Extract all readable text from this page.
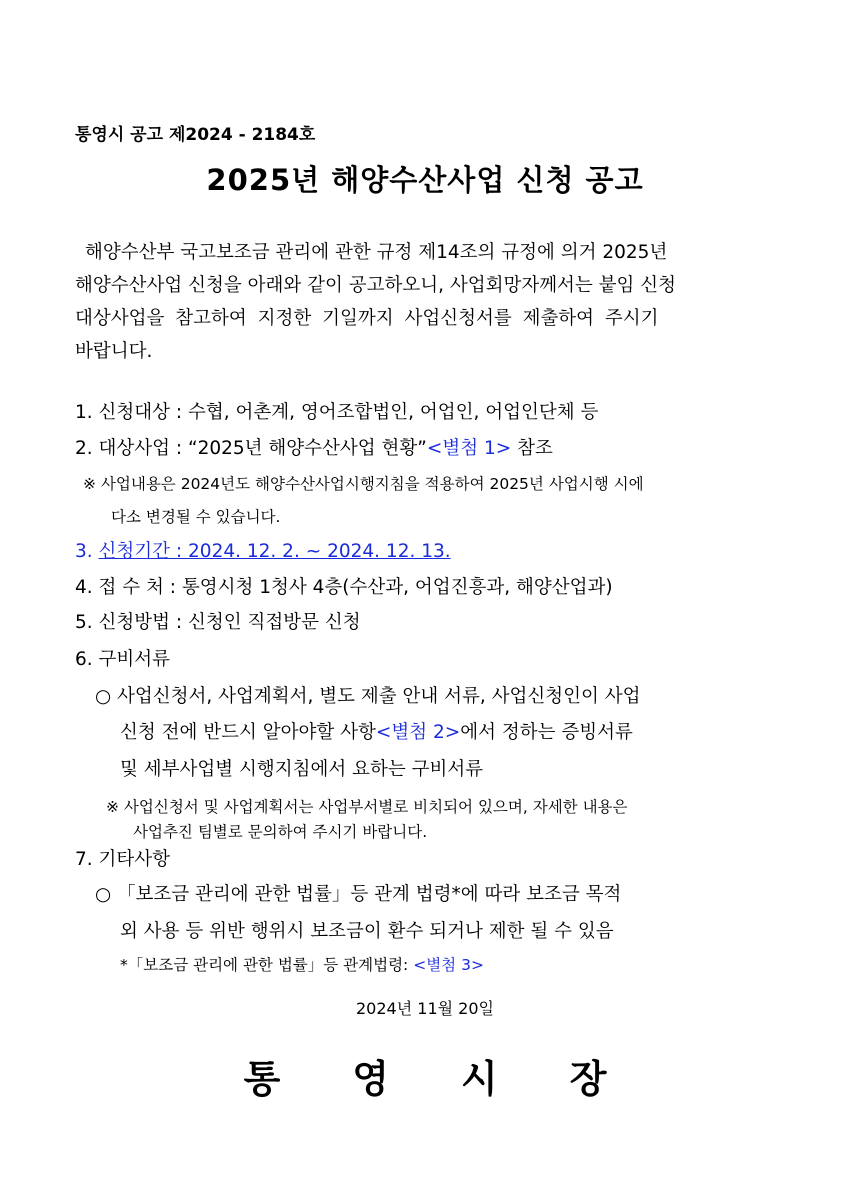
통영시 공고 제2024 - 2184호
2025년 해양수산사업 신청 공고
해양수산부 국고보조금 관리에 관한 규정 제14조의 규정에 의거 2025년
해양수산사업 신청을 아래와 같이 공고하오니, 사업회망자께서는 붙임 신청
대상사업을 참고하여 지정한 기일까지 사업신청서를 제출하여 주시기
바랍니다.
1. 신청대상 : 수협, 어촌계, 영어조합법인, 어업인, 어업인단체 등
2. 대상사업 : “2025년 해양수산사업 현황”<별첨 1> 참조
※ 사업내용은 2024년도 해양수산사업시행지침을 적용하여 2025년 사업시행 시에
다소 변경될 수 있습니다.
3. 신청기간 : 2024. 12. 2. ~ 2024. 12. 13.
4. 접 수 처 : 통영시청 1청사 4층(수산과, 어업진흥과, 해양산업과)
5. 신청방법 : 신청인 직접방문 신청
6. 구비서류
○ 사업신청서, 사업계획서, 별도 제출 안내 서류, 사업신청인이 사업
신청 전에 반드시 알아야할 사항<별첨 2>에서 정하는 증빙서류
및 세부사업별 시행지침에서 요하는 구비서류
※ 사업신청서 및 사업계획서는 사업부서별로 비치되어 있으며, 자세한 내용은
사업추진 팀별로 문의하여 주시기 바랍니다.
7. 기타사항
○ 「보조금 관리에 관한 법률」등 관계 법령*에 따라 보조금 목적
외 사용 등 위반 행위시 보조금이 환수 되거나 제한 될 수 있음
*「보조금 관리에 관한 법률」등 관계법령: <별첨 3>
2024년 11월 20일
통영시장
